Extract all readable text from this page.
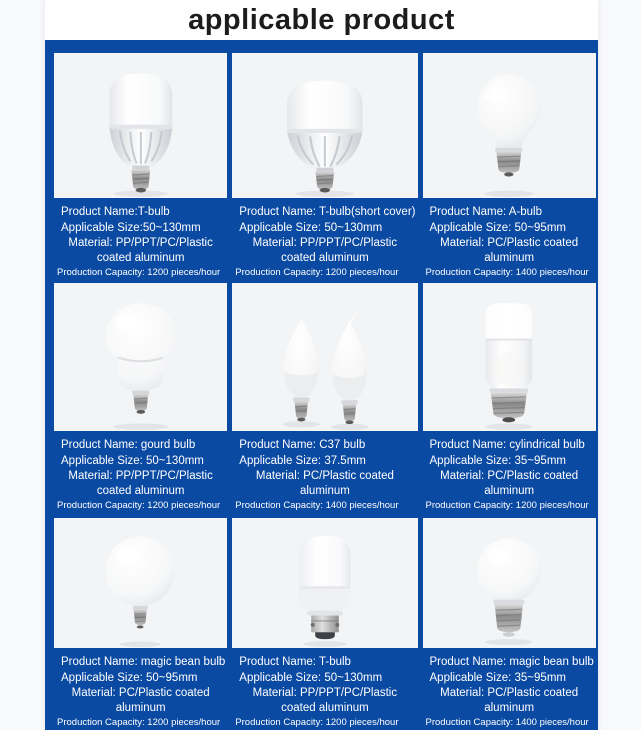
applicable product
Product Name:T-bulb
Applicable Size:50~130mm
Material: PP/PPT/PC/Plastic
coated aluminum
Production Capacity: 1200 pieces/hour
Product Name: T-bulb(short cover)
Applicable Size: 50~130mm
Material: PP/PPT/PC/Plastic
coated aluminum
Production Capacity: 1200 pieces/hour
Product Name: A-bulb
Applicable Size: 50~95mm
Material: PC/Plastic coated
aluminum
Production Capacity: 1400 pieces/hour
Product Name: gourd bulb
Applicable Size: 50~130mm
Material: PP/PPT/PC/Plastic
coated aluminum
Production Capacity: 1200 pieces/hour
Product Name: C37 bulb
Applicable Size: 37.5mm
Material: PC/Plastic coated
aluminum
Production Capacity: 1400 pieces/hour
Product Name: cylindrical bulb
Applicable Size: 35~95mm
Material: PC/Plastic coated
aluminum
Production Capacity: 1200 pieces/hour
Product Name: magic bean bulb
Applicable Size: 50~95mm
Material: PC/Plastic coated
aluminum
Production Capacity: 1200 pieces/hour
Product Name: T-bulb
Applicable Size: 50~130mm
Material: PP/PPT/PC/Plastic
coated aluminum
Production Capacity: 1200 pieces/hour
Product Name: magic bean bulb
Applicable Size: 35~95mm
Material: PC/Plastic coated
aluminum
Production Capacity: 1400 pieces/hour
